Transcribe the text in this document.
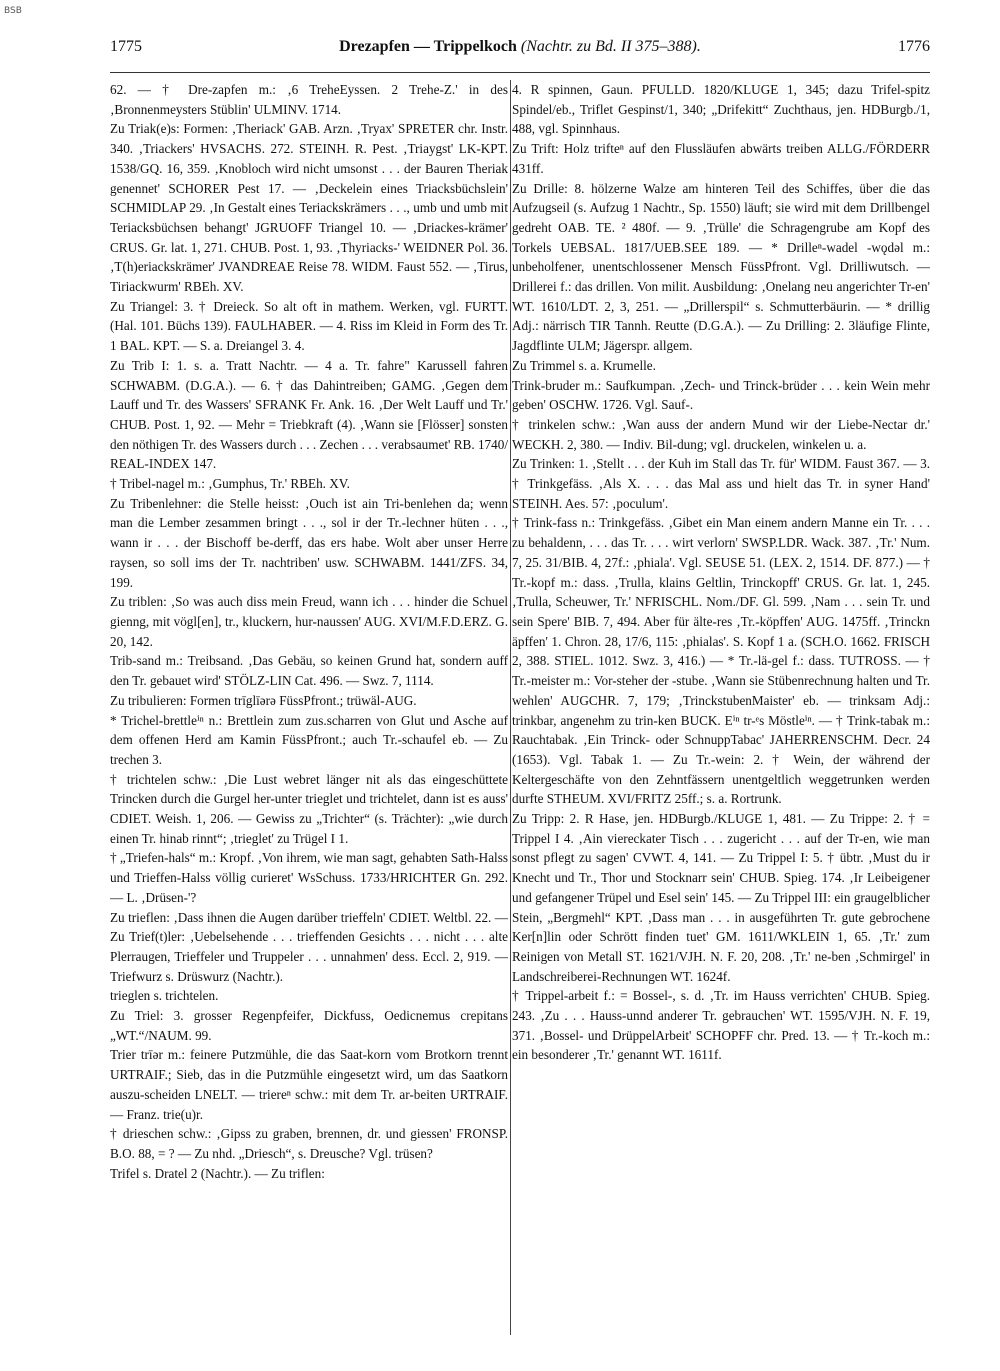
BSB
1775	Drezapfen — Trippelkoch (Nachtr. zu Bd. II 375–388).	1776

62. — † Dre-zapfen m.: ‚6 TreheEyssen. 2 Trehe-Z.' in des ‚Bronnenmeysters Stüblin' ULMINV. 1714.

Zu Triak(e)s: Formen: ‚Theriack' GAB. Arzn. ‚Tryax' SPRETER chr. Instr. 340. ‚Triackers' HVSACHS. 272. STEINH. R. Pest. ‚Triaygst' LK-KPT. 1538/GQ. 16, 359. ‚Knobloch wird nicht umsonst . . . der Bauren Theriak genennet' SCHORER Pest 17. — ‚Deckelein eines Triacksbüchslein' SCHMIDLAP 29. ‚In Gestalt eines Teriackskrämers . . ., umb und umb mit Teriacksbüchsen behangt' JGRUOFF Triangel 10. — ‚Driackes-krämer' CRUS. Gr. lat. 1, 271. CHUB. Post. 1, 93. ‚Thyriacks-' WEIDNER Pol. 36. ‚T(h)eriackskrämer' JVANDREAE Reise 78. WIDM. Faust 552. — ‚Tirus, Tiriackwurm' RBEh. XV.

Zu Triangel: 3. † Dreieck. So alt oft in mathem. Werken, vgl. FURTT. (Hal. 101. Büchs 139). FAULHABER. — 4. Riss im Kleid in Form des Tr. 1 BAL. KPT. — S. a. Dreiangel 3. 4.

Zu Trib I: 1. s. a. Tratt Nachtr. — 4 a. Tr. fahre" Karussell fahren SCHWABM. (D.G.A.). — 6. † das Dahintreiben; GAMG. ‚Gegen dem Lauff und Tr. des Wassers' SFRANK Fr. Ank. 16. ‚Der Welt Lauff und Tr.' CHUB. Post. 1, 92. — Mehr = Triebkraft (4). ‚Wann sie [Flösser] sonsten den nöthigen Tr. des Wassers durch . . . Zechen . . . verabsaumet' RB. 1740/ REAL-INDEX 147.

† Tribel-nagel m.: ‚Gumphus, Tr.' RBEh. XV.

Zu Tribenlehner: die Stelle heisst: ‚Ouch ist ain Tri-benlehen da; wenn man die Lember zesammen bringt . . ., sol ir der Tr.-lechner hüten . . ., wann ir . . . der Bischoff be-derff, das ers habe. Wolt aber unser Herre raysen, so soll ims der Tr. nachtriben' usw. SCHWABM. 1441/ZFS. 34, 199.

Zu triblen: ‚So was auch diss mein Freud, wann ich . . . hinder die Schuel gienng, mit vögl[en], tr., kluckern, hur-naussen' AUG. XVI/M.F.D.ERZ. G. 20, 142.

Trib-sand m.: Treibsand. ‚Das Gebäu, so keinen Grund hat, sondern auff den Tr. gebauet wird' STÖLZ-LIN Cat. 496. — Swz. 7, 1114.

Zu tribulieren: Formen trīglīərə FüssPfront.; trüwäl-AUG.

* Trichel-brettleⁱⁿ n.: Brettlein zum zus.scharren von Glut und Asche auf dem offenen Herd am Kamin FüssPfront.; auch Tr.-schaufel eb. — Zu trechen 3.

† trichtelen schw.: ‚Die Lust webret länger nit als das eingeschüttete Trincken durch die Gurgel her-unter trieglet und trichtelet, dann ist es auss' CDIET. Weish. 1, 206. — Gewiss zu „Trichter“ (s. Trächter): „wie durch einen Tr. hinab rinnt“; ‚trieglet' zu Trügel I 1.

† „Triefen-hals“ m.: Kropf. ‚Von ihrem, wie man sagt, gehabten Sath-Halss und Trieffen-Halss völlig curieret' WsSchuss. 1733/HRICHTER Gn. 292. — L. ‚Drüsen-'?

Zu trieflen: ‚Dass ihnen die Augen darüber trieffeln' CDIET. Weltbl. 22. — Zu Trief(t)ler: ‚Uebelsehende . . . trieffenden Gesichts . . . nicht . . . alte Plerraugen, Trieffeler und Truppeler . . . unnahmen' dess. Eccl. 2, 919. — Triefwurz s. Drüswurz (Nachtr.).

trieglen s. trichtelen.

Zu Triel: 3. grosser Regenpfeifer, Dickfuss, Oedicnemus crepitans „WT.“/NAUM. 99.

Trier trīər m.: feinere Putzmühle, die das Saat-korn vom Brotkorn trennt URTRAIF.; Sieb, das in die Putzmühle eingesetzt wird, um das Saatkorn auszu-scheiden LNELT. — triereⁿ schw.: mit dem Tr. ar-beiten URTRAIF. — Franz. trie(u)r.

† drieschen schw.: ‚Gipss zu graben, brennen, dr. und giessen' FRONSP. B.O. 88, = ? — Zu nhd. „Driesch“, s. Dreusche? Vgl. trüsen?

Trifel s. Dratel 2 (Nachtr.). — Zu triflen:

4. R spinnen, Gaun. PFULLD. 1820/KLUGE 1, 345; dazu Trifel-spitz Spindel/eb., Triflet Gespinst/1, 340; „Drifekitt“ Zuchthaus, jen. HDBurgb./1, 488, vgl. Spinnhaus.

Zu Trift: Holz trifteⁿ auf den Flussläufen abwärts treiben ALLG./FÖRDERR 431ff.

Zu Drille: 8. hölzerne Walze am hinteren Teil des Schiffes, über die das Aufzugseil (s. Aufzug 1 Nachtr., Sp. 1550) läuft; sie wird mit dem Drillbengel gedreht OAB. TE. ² 480f. — 9. ‚Trülle' die Schragengrube am Kopf des Torkels UEBSAL. 1817/UEB.SEE 189. — * Drilleⁿ-wadel -wǫdəl m.: unbeholfener, unentschlossener Mensch FüssPfront. Vgl. Drilliwutsch. — Drillerei f.: das drillen. Von milit. Ausbildung: ‚Onelang neu angerichter Tr-en' WT. 1610/LDT. 2, 3, 251. — „Drillerspil“ s. Schmutterbäurin. — * drillig Adj.: närrisch TIR Tannh. Reutte (D.G.A.). — Zu Drilling: 2. 3läufige Flinte, Jagdflinte ULM; Jägerspr. allgem.

Zu Trimmel s. a. Krumelle.

Trink-bruder m.: Saufkumpan. ‚Zech- und Trinck-brüder . . . kein Wein mehr geben' OSCHW. 1726. Vgl. Sauf-.

† trinkelen schw.: ‚Wan auss der andern Mund wir der Liebe-Nectar dr.' WECKH. 2, 380. — Indiv. Bil-dung; vgl. druckelen, winkelen u. a.

Zu Trinken: 1. ‚Stellt . . . der Kuh im Stall das Tr. für' WIDM. Faust 367. — 3. † Trinkgefäss. ‚Als X. . . . das Mal ass und hielt das Tr. in syner Hand' STEINH. Aes. 57: ‚poculum'.

† Trink-fass n.: Trinkgefäss. ‚Gibet ein Man einem andern Manne ein Tr. . . . zu behaldenn, . . . das Tr. . . . wirt verlorn' SWSP.LDR. Wack. 387. ‚Tr.' Num. 7, 25. 31/BIB. 4, 27f.: ‚phiala'. Vgl. SEUSE 51. (LEX. 2, 1514. DF. 877.) — † Tr.-kopf m.: dass. ‚Trulla, klains Geltlin, Trinckopff' CRUS. Gr. lat. 1, 245. ‚Trulla, Scheuwer, Tr.' NFRISCHL. Nom./DF. Gl. 599. ‚Nam . . . sein Tr. und sein Spere' BIB. 7, 494. Aber für älte-res ‚Tr.-köpffen' AUG. 1475ff. ‚Trinckn äpffen' 1. Chron. 28, 17/6, 115: ‚phialas'. S. Kopf 1 a. (SCH.O. 1662. FRISCH 2, 388. STIEL. 1012. Swz. 3, 416.) — * Tr.-lä-gel f.: dass. TUTROSS. — † Tr.-meister m.: Vor-steher der -stube. ‚Wann sie Stübenrechnung halten und Tr. wehlen' AUGCHR. 7, 179; ‚TrinckstubenMaister' eb. — trinksam Adj.: trinkbar, angenehm zu trin-ken BUCK. Eⁱⁿ tr-ᵉs Möstleⁱⁿ. — † Trink-tabak m.: Rauchtabak. ‚Ein Trinck- oder SchnuppTabac' JAHERRENSCHM. Decr. 24 (1653). Vgl. Tabak 1. — Zu Tr.-wein: 2. † Wein, der während der Keltergeschäfte von den Zehntfässern unentgeltlich weggetrunken werden durfte STHEUM. XVI/FRITZ 25ff.; s. a. Rortrunk.

Zu Tripp: 2. R Hase, jen. HDBurgb./KLUGE 1, 481. — Zu Trippe: 2. † = Trippel I 4. ‚Ain viereckater Tisch . . . zugericht . . . auf der Tr-en, wie man sonst pflegt zu sagen' CVWT. 4, 141. — Zu Trippel I: 5. † übtr. ‚Must du ir Knecht und Tr., Thor und Stocknarr sein' CHUB. Spieg. 174. ‚Ir Leibeigener und gefangener Trüpel und Esel sein' 145. — Zu Trippel III: ein graugelblicher Stein, „Bergmehl“ KPT. ‚Dass man . . . in ausgeführten Tr. gute gebrochene Ker[n]lin oder Schrött finden tuet' GM. 1611/WKLEIN 1, 65. ‚Tr.' zum Reinigen von Metall ST. 1621/VJH. N. F. 20, 208. ‚Tr.' ne-ben ‚Schmirgel' in Landschreiberei-Rechnungen WT. 1624f.

† Trippel-arbeit f.: = Bossel-, s. d. ‚Tr. im Hauss verrichten' CHUB. Spieg. 243. ‚Zu . . . Hauss-unnd anderer Tr. gebrauchen' WT. 1595/VJH. N. F. 19, 371. ‚Bossel- und DrüppelArbeit' SCHOPFF chr. Pred. 13. — † Tr.-koch m.: ein besonderer ‚Tr.' genannt WT. 1611f.
